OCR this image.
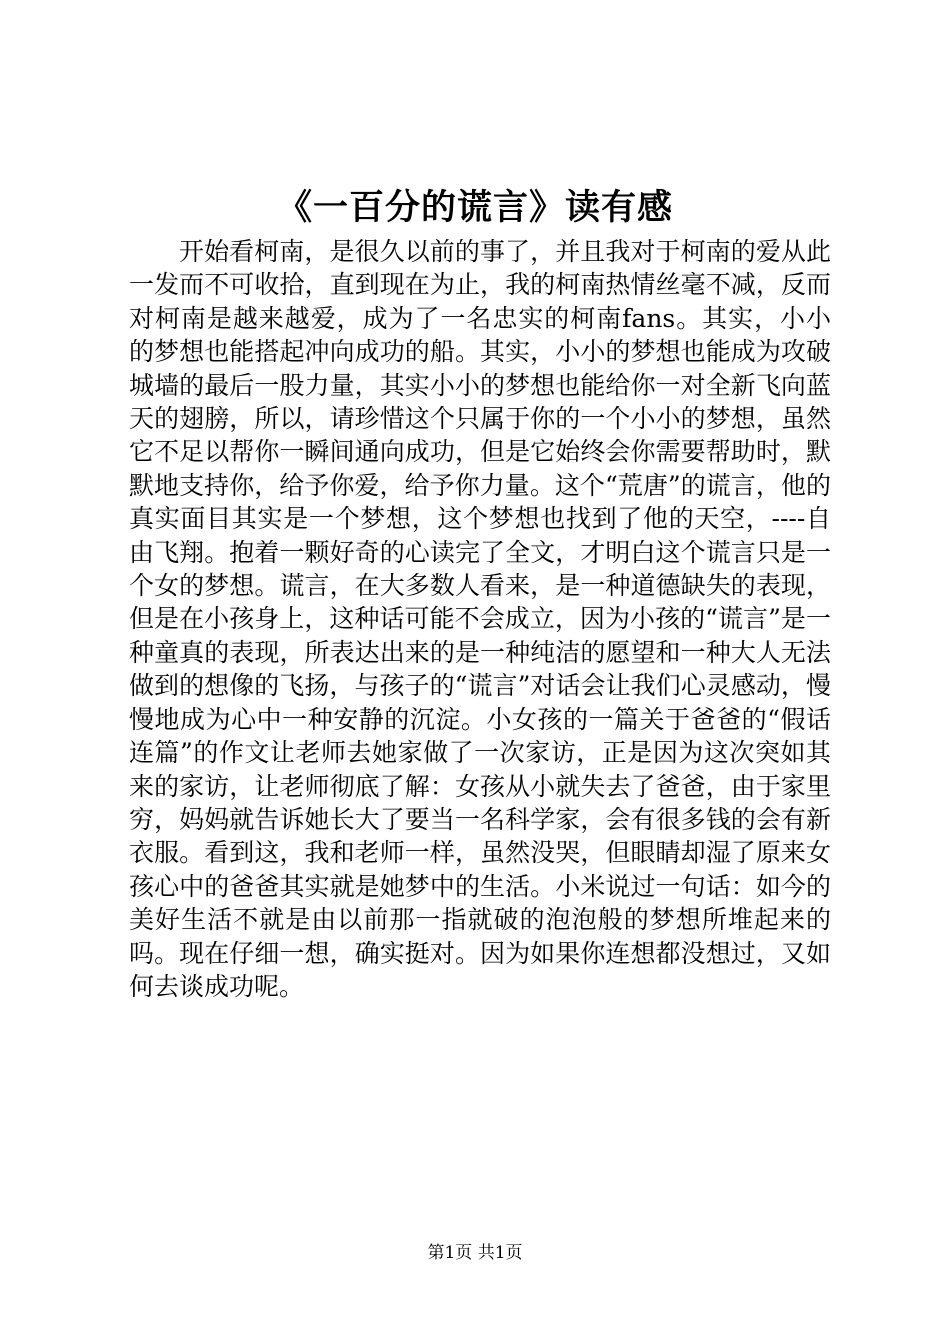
《一百分的谎言》读有感

开始看柯南，是很久以前的事了，并且我对于柯南的爱从此一发而不可收拾，直到现在为止，我的柯南热情丝毫不减，反而对柯南是越来越爱，成为了一名忠实的柯南fans。其实，小小的梦想也能搭起冲向成功的船。其实，小小的梦想也能成为攻破城墙的最后一股力量，其实小小的梦想也能给你一对全新飞向蓝天的翅膀，所以，请珍惜这个只属于你的一个小小的梦想，虽然它不足以帮你一瞬间通向成功，但是它始终会你需要帮助时，默默地支持你，给予你爱，给予你力量。这个“荒唐”的谎言，他的真实面目其实是一个梦想，这个梦想也找到了他的天空，----自由飞翔。抱着一颗好奇的心读完了全文，才明白这个谎言只是一个女的梦想。谎言，在大多数人看来，是一种道德缺失的表现，但是在小孩身上，这种话可能不会成立，因为小孩的“谎言”是一种童真的表现，所表达出来的是一种纯洁的愿望和一种大人无法做到的想像的飞扬，与孩子的“谎言”对话会让我们心灵感动，慢慢地成为心中一种安静的沉淀。小女孩的一篇关于爸爸的“假话连篇”的作文让老师去她家做了一次家访，正是因为这次突如其来的家访，让老师彻底了解：女孩从小就失去了爸爸，由于家里穷，妈妈就告诉她长大了要当一名科学家，会有很多钱的会有新衣服。看到这，我和老师一样，虽然没哭，但眼睛却湿了原来女孩心中的爸爸其实就是她梦中的生活。小米说过一句话：如今的美好生活不就是由以前那一指就破的泡泡般的梦想所堆起来的吗。现在仔细一想，确实挺对。因为如果你连想都没想过，又如何去谈成功呢。

第1页 共1页
